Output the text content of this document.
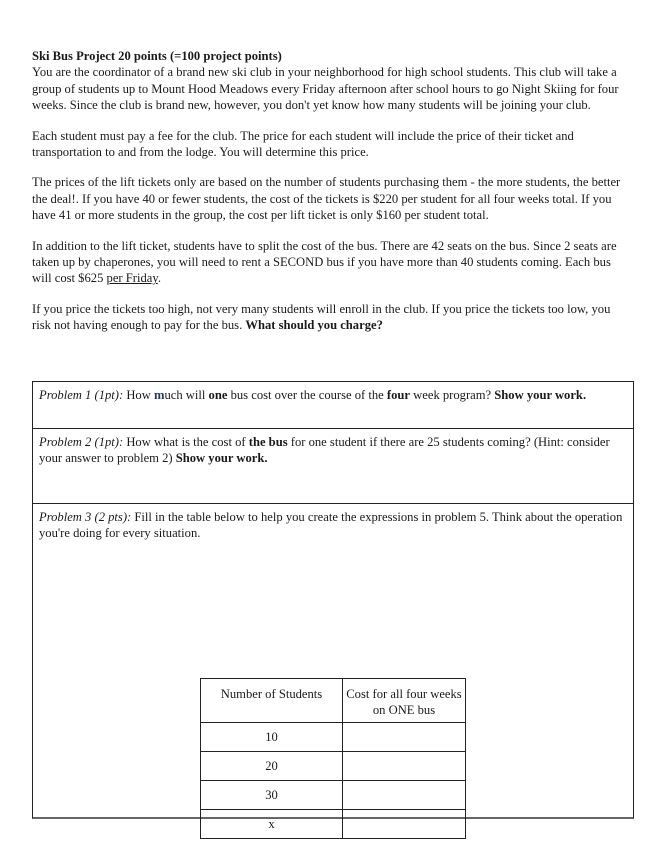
Ski Bus Project 20 points (=100 project points)

You are the coordinator of a brand new ski club in your neighborhood for high school students. This club will take a group of students up to Mount Hood Meadows every Friday afternoon after school hours to go Night Skiing for four weeks. Since the club is brand new, however, you don't yet know how many students will be joining your club.

Each student must pay a fee for the club. The price for each student will include the price of their ticket and transportation to and from the lodge. You will determine this price.

The prices of the lift tickets only are based on the number of students purchasing them - the more students, the better the deal!. If you have 40 or fewer students, the cost of the tickets is $220 per student for all four weeks total. If you have 41 or more students in the group, the cost per lift ticket is only $160 per student total.

In addition to the lift ticket, students have to split the cost of the bus. There are 42 seats on the bus. Since 2 seats are taken up by chaperones, you will need to rent a SECOND bus if you have more than 40 students coming. Each bus will cost $625 per Friday.

If you price the tickets too high, not very many students will enroll in the club. If you price the tickets too low, you risk not having enough to pay for the bus. What should you charge?

Problem 1 (1pt): How much will one bus cost over the course of the four week program? Show your work.
Problem 2 (1pt): How what is the cost of the bus for one student if there are 25 students coming? (Hint: consider your answer to problem 2) Show your work.
Problem 3 (2 pts): Fill in the table below to help you create the expressions in problem 5. Think about the operation you're doing for every situation.
Number of Students	Cost for all four weeks on ONE bus
10	
20	
30	
x	
